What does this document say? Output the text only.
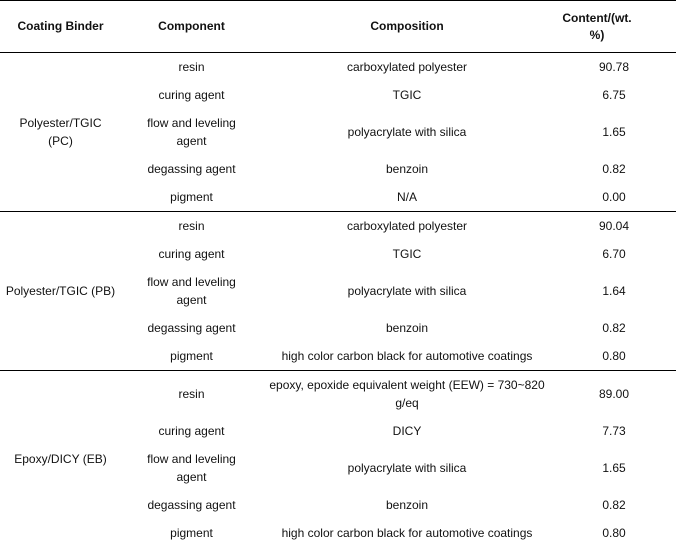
Coating Binder	Component	Composition	Content/(wt. %)
Polyester/TGIC (PC)	resin	carboxylated polyester	90.78
	curing agent	TGIC	6.75
	flow and leveling agent	polyacrylate with silica	1.65
	degassing agent	benzoin	0.82
	pigment	N/A	0.00
Polyester/TGIC (PB)	resin	carboxylated polyester	90.04
	curing agent	TGIC	6.70
	flow and leveling agent	polyacrylate with silica	1.64
	degassing agent	benzoin	0.82
	pigment	high color carbon black for automotive coatings	0.80
Epoxy/DICY (EB)	resin	epoxy, epoxide equivalent weight (EEW) = 730~820 g/eq	89.00
	curing agent	DICY	7.73
	flow and leveling agent	polyacrylate with silica	1.65
	degassing agent	benzoin	0.82
	pigment	high color carbon black for automotive coatings	0.80
